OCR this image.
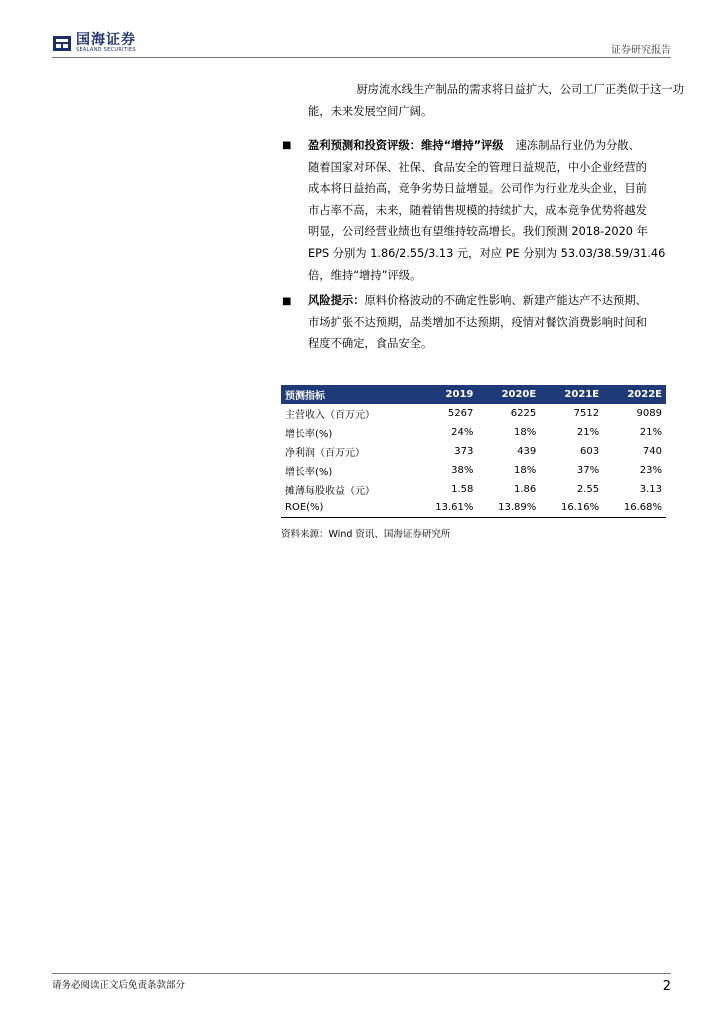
国海证券
SEALAND SECURITIES	证券研究报告
厨房流水线生产制品的需求将日益扩大，公司工厂正类似于这一功
能，未来发展空间广阔。
■ 盈利预测和投资评级：维持“增持”评级 速冻制品行业仍为分散、
随着国家对环保、社保、食品安全的管理日益规范，中小企业经营的
成本将日益抬高，竞争劣势日益增显。公司作为行业龙头企业，目前
市占率不高，未来，随着销售规模的持续扩大，成本竞争优势将越发
明显，公司经营业绩也有望维持较高增长。我们预测 2018-2020 年
EPS 分别为 1.86/2.55/3.13 元，对应 PE 分别为 53.03/38.59/31.46
倍，维持“增持”评级。
■ 风险提示：原料价格波动的不确定性影响、新建产能达产不达预期、
市场扩张不达预期，品类增加不达预期，疫情对餐饮消费影响时间和
程度不确定，食品安全。
预测指标	2019	2020E	2021E	2022E
主营收入（百万元）	5267	6225	7512	9089
增长率(%)	24%	18%	21%	21%
净利润（百万元）	373	439	603	740
增长率(%)	38%	18%	37%	23%
摊薄每股收益（元）	1.58	1.86	2.55	3.13
ROE(%)	13.61%	13.89%	16.16%	16.68%
资料来源：Wind 资讯、国海证券研究所
请务必阅读正文后免责条款部分	2
